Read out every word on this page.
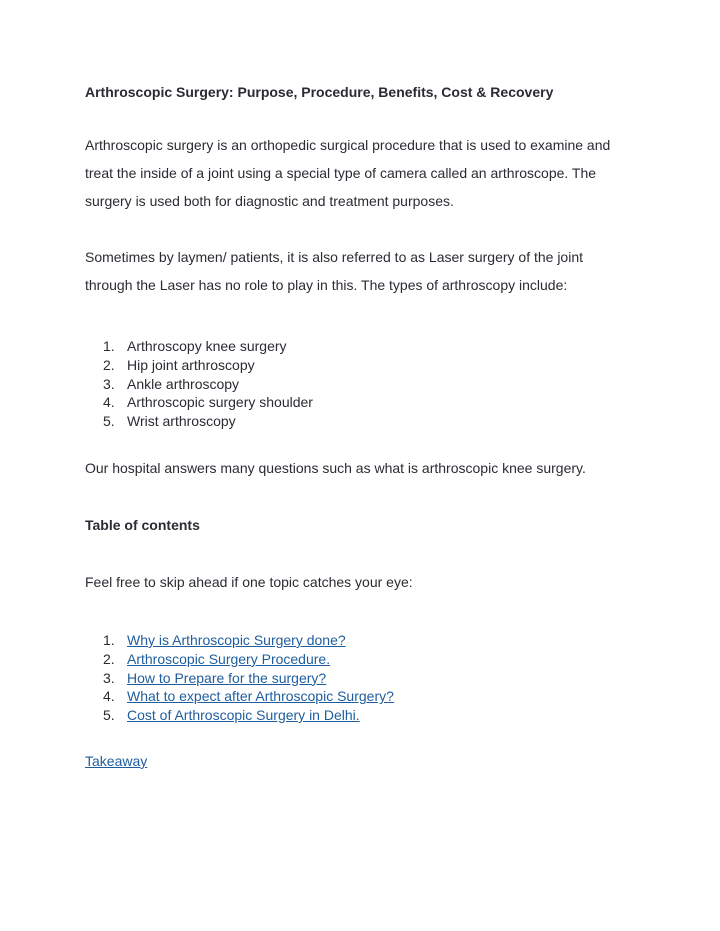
Arthroscopic Surgery: Purpose, Procedure, Benefits, Cost & Recovery
Arthroscopic surgery is an orthopedic surgical procedure that is used to examine and
treat the inside of a joint using a special type of camera called an arthroscope. The
surgery is used both for diagnostic and treatment purposes.
Sometimes by laymen/ patients, it is also referred to as Laser surgery of the joint
through the Laser has no role to play in this. The types of arthroscopy include:
1. Arthroscopy knee surgery
2. Hip joint arthroscopy
3. Ankle arthroscopy
4. Arthroscopic surgery shoulder
5. Wrist arthroscopy
Our hospital answers many questions such as what is arthroscopic knee surgery.
Table of contents
Feel free to skip ahead if one topic catches your eye:
1. Why is Arthroscopic Surgery done?
2. Arthroscopic Surgery Procedure.
3. How to Prepare for the surgery?
4. What to expect after Arthroscopic Surgery?
5. Cost of Arthroscopic Surgery in Delhi.
Takeaway
